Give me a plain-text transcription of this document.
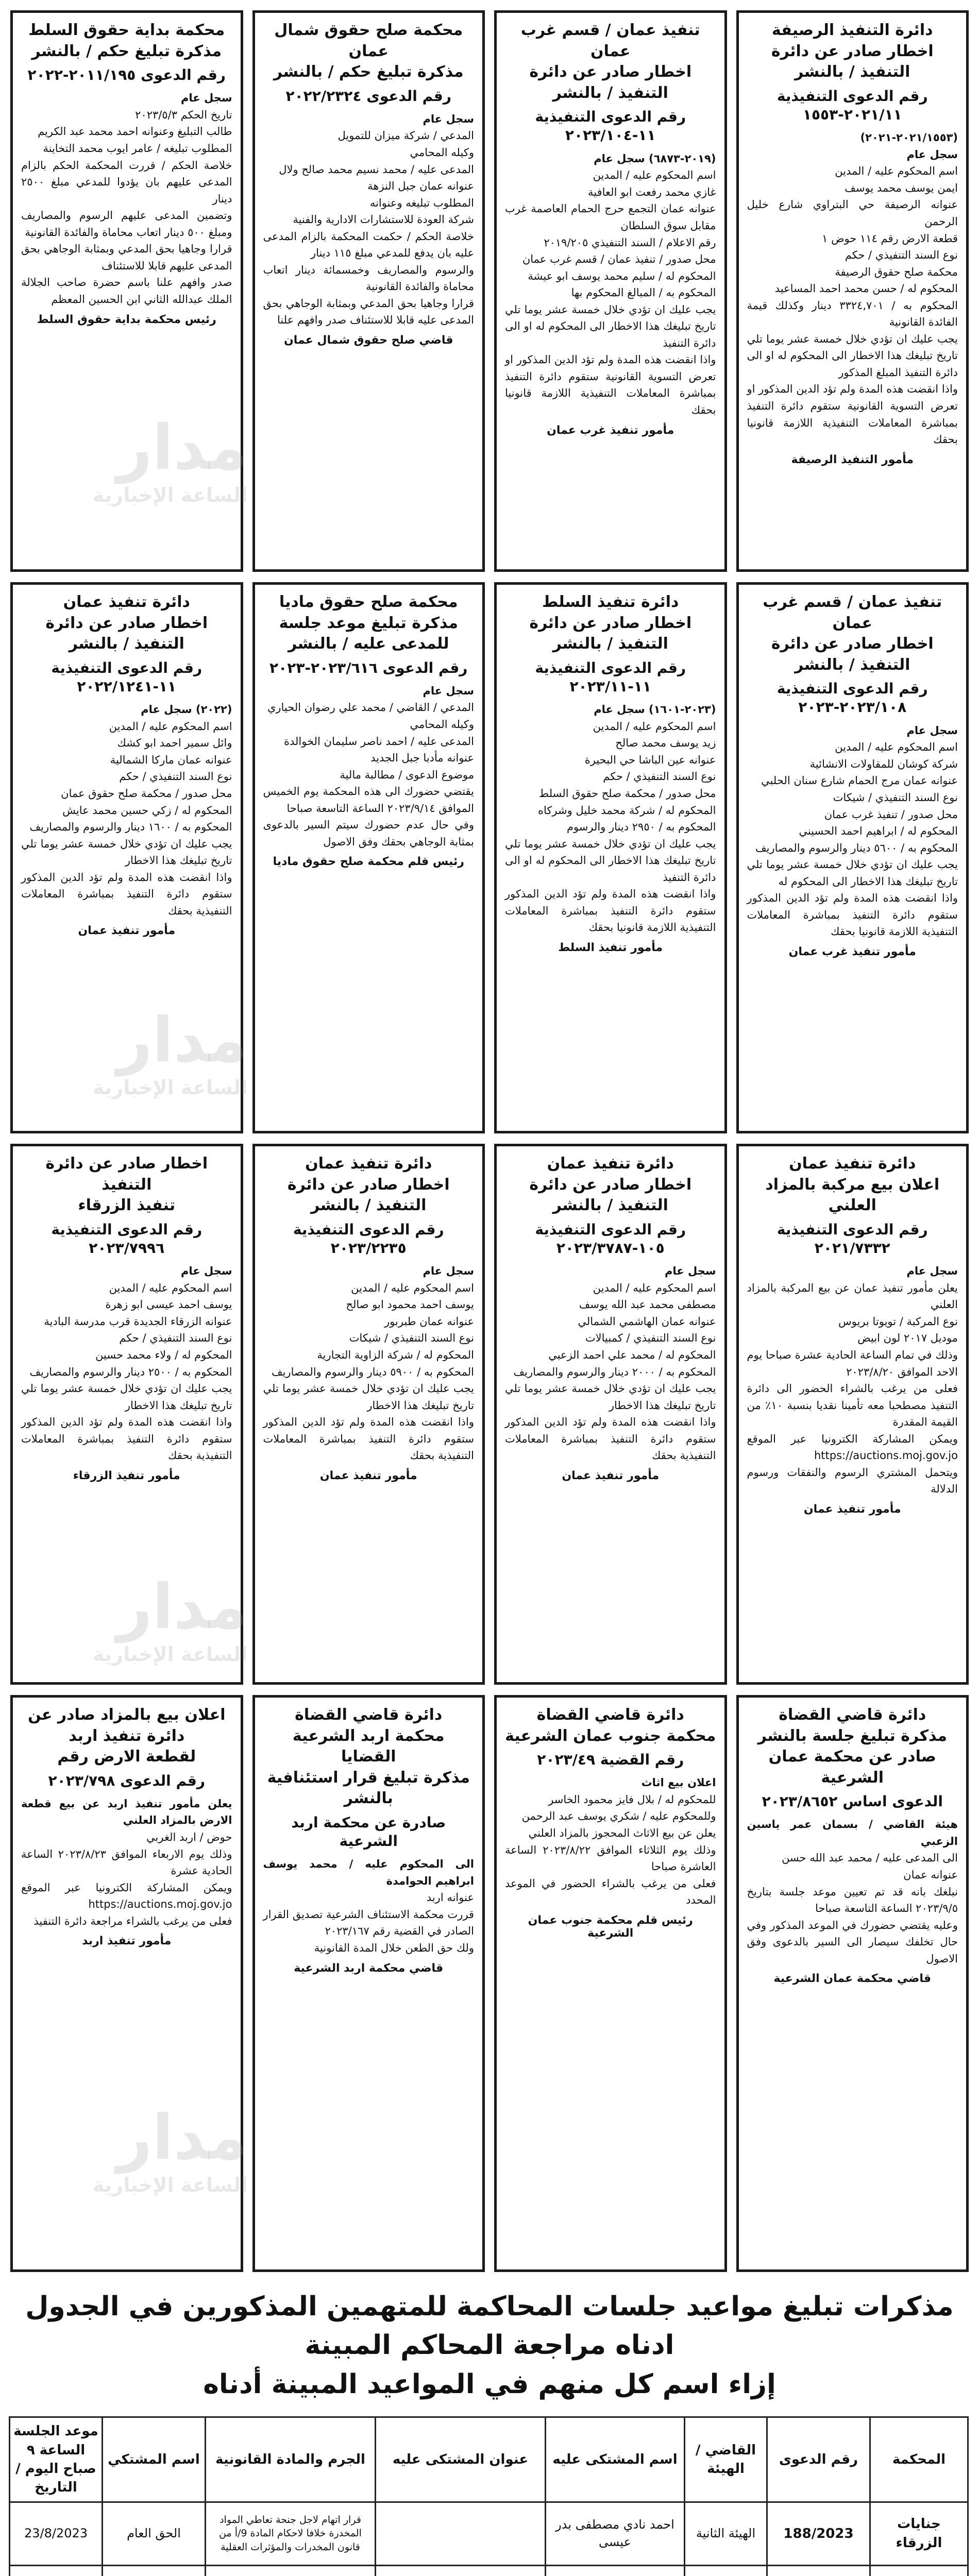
دائرة التنفيذ الرصيفة
اخطار صادر عن دائرة التنفيذ / بالنشر
رقم الدعوى التنفيذية ٢٠٢١/١١-١٥٥٣

(٢٠٢١/١٥٥٣-٢٠٢١)

سجل عام

اسم المحكوم عليه / المدين

ايمن يوسف محمد يوسف

عنوانه الرصيفة حي البتراوي شارع خليل الرحمن

قطعة الارض رقم ١١٤ حوض ١

نوع السند التنفيذي / حكم

محكمة صلح حقوق الرصيفة

المحكوم له / حسن محمد احمد المساعيد

المحكوم به / ٣٣٢٤,٧٠١ دينار وكذلك قيمة الفائدة القانونية

يجب عليك ان تؤدي خلال خمسة عشر يوما تلي تاريخ تبليغك هذا الاخطار الى المحكوم له او الى دائرة التنفيذ المبلغ المذكور

واذا انقضت هذه المدة ولم تؤد الدين المذكور او تعرض التسوية القانونية ستقوم دائرة التنفيذ بمباشرة المعاملات التنفيذية اللازمة قانونيا بحقك

مأمور التنفيذ الرصيفة
تنفيذ عمان / قسم غرب عمان
اخطار صادر عن دائرة التنفيذ / بالنشر
رقم الدعوى التنفيذية ١١-٢٠٢٣/١٠٤

(٢٠١٩-٦٨٧٣) سجل عام

اسم المحكوم عليه / المدين

غازي محمد رفعت ابو العافية

عنوانه عمان التجمع حرج الحمام العاصمة غرب مقابل سوق السلطان

رقم الاعلام / السند التنفيذي ٢٠١٩/٢٠٥

محل صدور / تنفيذ عمان / قسم غرب عمان

المحكوم له / سليم محمد يوسف ابو عيشة

المحكوم به / المبالغ المحكوم بها

يجب عليك ان تؤدي خلال خمسة عشر يوما تلي تاريخ تبليغك هذا الاخطار الى المحكوم له او الى دائرة التنفيذ

واذا انقضت هذه المدة ولم تؤد الدين المذكور او تعرض التسوية القانونية ستقوم دائرة التنفيذ بمباشرة المعاملات التنفيذية اللازمة قانونيا بحقك

مأمور تنفيذ غرب عمان
محكمة صلح حقوق شمال عمان
مذكرة تبليغ حكم / بالنشر
رقم الدعوى ٢٠٢٢/٢٣٢٤

سجل عام

المدعي / شركة ميزان للتمويل

وكيله المحامي

المدعى عليه / محمد نسيم محمد صالح ولال

عنوانه عمان جبل النزهة

المطلوب تبليغه وعنوانه

شركة العودة للاستشارات الادارية والفنية

خلاصة الحكم / حكمت المحكمة بالزام المدعى عليه بان يدفع للمدعي مبلغ ١١٥ دينار

والرسوم والمصاريف وخمسمائة دينار اتعاب محاماة والفائدة القانونية

قرارا وجاهيا بحق المدعي وبمثابة الوجاهي بحق المدعى عليه قابلا للاستئناف صدر وافهم علنا

قاضي صلح حقوق شمال عمان
محكمة بداية حقوق السلط
مذكرة تبليغ حكم / بالنشر
رقم الدعوى ٢٠١١/١٩٥-٢٠٢٢

سجل عام

تاريخ الحكم ٢٠٢٣/٥/٣

طالب التبليغ وعنوانه احمد محمد عبد الكريم

المطلوب تبليغه / عامر ايوب محمد التخاينة

خلاصة الحكم / قررت المحكمة الحكم بالزام المدعى عليهم بان يؤدوا للمدعي مبلغ ٢٥٠٠ دينار

وتضمين المدعى عليهم الرسوم والمصاريف ومبلغ ٥٠٠ دينار اتعاب محاماة والفائدة القانونية

قرارا وجاهيا بحق المدعي وبمثابة الوجاهي بحق المدعى عليهم قابلا للاستئناف

صدر وافهم علنا باسم حضرة صاحب الجلالة الملك عبدالله الثاني ابن الحسين المعظم

رئيس محكمة بداية حقوق السلط
تنفيذ عمان / قسم غرب عمان
اخطار صادر عن دائرة التنفيذ / بالنشر
رقم الدعوى التنفيذية ٢٠٢٣/١٠٨-٢٠٢٣

سجل عام

اسم المحكوم عليه / المدين

شركة كوشان للمقاولات الانشائية

عنوانه عمان مرج الحمام شارع سنان الحلبي

نوع السند التنفيذي / شيكات

محل صدور / تنفيذ غرب عمان

المحكوم له / ابراهيم احمد الحسيني

المحكوم به / ٥٦٠٠ دينار والرسوم والمصاريف

يجب عليك ان تؤدي خلال خمسة عشر يوما تلي تاريخ تبليغك هذا الاخطار الى المحكوم له

واذا انقضت هذه المدة ولم تؤد الدين المذكور ستقوم دائرة التنفيذ بمباشرة المعاملات التنفيذية اللازمة قانونيا بحقك

مأمور تنفيذ غرب عمان
دائرة تنفيذ السلط
اخطار صادر عن دائرة التنفيذ / بالنشر
رقم الدعوى التنفيذية ١١-٢٠٢٣/١١

(٢٠٢٣-١٦٠١) سجل عام

اسم المحكوم عليه / المدين

زيد يوسف محمد صالح

عنوانه عين الباشا حي البحيرة

نوع السند التنفيذي / حكم

محل صدور / محكمة صلح حقوق السلط

المحكوم له / شركة محمد خليل وشركاه

المحكوم به / ٢٩٥٠ دينار والرسوم

يجب عليك ان تؤدي خلال خمسة عشر يوما تلي تاريخ تبليغك هذا الاخطار الى المحكوم له او الى دائرة التنفيذ

واذا انقضت هذه المدة ولم تؤد الدين المذكور ستقوم دائرة التنفيذ بمباشرة المعاملات التنفيذية اللازمة قانونيا بحقك

مأمور تنفيذ السلط
محكمة صلح حقوق ماديا
مذكرة تبليغ موعد جلسة للمدعى عليه / بالنشر
رقم الدعوى ٢٠٢٣/٦١٦-٢٠٢٣

سجل عام

المدعي / القاضي / محمد علي رضوان الحياري

وكيله المحامي

المدعى عليه / احمد ناصر سليمان الخوالدة

عنوانه مأدبا جبل الجديد

موضوع الدعوى / مطالبة مالية

يقتضي حضورك الى هذه المحكمة يوم الخميس الموافق ٢٠٢٣/٩/١٤ الساعة التاسعة صباحا

وفي حال عدم حضورك سيتم السير بالدعوى بمثابة الوجاهي بحقك وفق الاصول

رئيس قلم محكمة صلح حقوق ماديا
دائرة تنفيذ عمان
اخطار صادر عن دائرة التنفيذ / بالنشر
رقم الدعوى التنفيذية ١١-٢٠٢٢/١٢٤١

(٢٠٢٢) سجل عام

اسم المحكوم عليه / المدين

وائل سمير احمد ابو كشك

عنوانه عمان ماركا الشمالية

نوع السند التنفيذي / حكم

محل صدور / محكمة صلح حقوق عمان

المحكوم له / زكي حسين محمد عايش

المحكوم به / ١٦٠٠ دينار والرسوم والمصاريف

يجب عليك ان تؤدي خلال خمسة عشر يوما تلي تاريخ تبليغك هذا الاخطار

واذا انقضت هذه المدة ولم تؤد الدين المذكور ستقوم دائرة التنفيذ بمباشرة المعاملات التنفيذية بحقك

مأمور تنفيذ عمان
دائرة تنفيذ عمان
اعلان بيع مركبة بالمزاد العلني
رقم الدعوى التنفيذية ٢٠٢١/٧٣٣٢

سجل عام

يعلن مأمور تنفيذ عمان عن بيع المركبة بالمزاد العلني

نوع المركبة / تويوتا بريوس

موديل ٢٠١٧ لون ابيض

وذلك في تمام الساعة الحادية عشرة صباحا يوم الاحد الموافق ٢٠٢٣/٨/٢٠

فعلى من يرغب بالشراء الحضور الى دائرة التنفيذ مصطحبا معه تأمينا نقديا بنسبة ١٠٪ من القيمة المقدرة

ويمكن المشاركة الكترونيا عبر الموقع https://auctions.moj.gov.jo

ويتحمل المشتري الرسوم والنفقات ورسوم الدلالة

مأمور تنفيذ عمان
دائرة تنفيذ عمان
اخطار صادر عن دائرة التنفيذ / بالنشر
رقم الدعوى التنفيذية ١٠٥-٢٠٢٣/٣٧٨٧

سجل عام

اسم المحكوم عليه / المدين

مصطفى محمد عبد الله يوسف

عنوانه عمان الهاشمي الشمالي

نوع السند التنفيذي / كمبيالات

المحكوم له / محمد علي احمد الزعبي

المحكوم به / ٢٠٠٠ دينار والرسوم والمصاريف

يجب عليك ان تؤدي خلال خمسة عشر يوما تلي تاريخ تبليغك هذا الاخطار

واذا انقضت هذه المدة ولم تؤد الدين المذكور ستقوم دائرة التنفيذ بمباشرة المعاملات التنفيذية بحقك

مأمور تنفيذ عمان
دائرة تنفيذ عمان
اخطار صادر عن دائرة التنفيذ / بالنشر
رقم الدعوى التنفيذية ٢٠٢٣/٢٢٣٥

سجل عام

اسم المحكوم عليه / المدين

يوسف احمد محمود ابو صالح

عنوانه عمان طبربور

نوع السند التنفيذي / شيكات

المحكوم له / شركة الزاوية التجارية

المحكوم به / ٥٩٠٠ دينار والرسوم والمصاريف

يجب عليك ان تؤدي خلال خمسة عشر يوما تلي تاريخ تبليغك هذا الاخطار

واذا انقضت هذه المدة ولم تؤد الدين المذكور ستقوم دائرة التنفيذ بمباشرة المعاملات التنفيذية بحقك

مأمور تنفيذ عمان
اخطار صادر عن دائرة التنفيذ
تنفيذ الزرقاء
رقم الدعوى التنفيذية ٢٠٢٣/٧٩٩٦

سجل عام

اسم المحكوم عليه / المدين

يوسف احمد عيسى ابو زهرة

عنوانه الزرقاء الجديدة قرب مدرسة البادية

نوع السند التنفيذي / حكم

المحكوم له / ولاء محمد حسين

المحكوم به / ٢٥٠٠ دينار والرسوم والمصاريف

يجب عليك ان تؤدي خلال خمسة عشر يوما تلي تاريخ تبليغك هذا الاخطار

واذا انقضت هذه المدة ولم تؤد الدين المذكور ستقوم دائرة التنفيذ بمباشرة المعاملات التنفيذية بحقك

مأمور تنفيذ الزرقاء
دائرة قاضي القضاة
مذكرة تبليغ جلسة بالنشر
صادر عن محكمة عمان الشرعية
الدعوى اساس ٢٠٢٣/٨٦٥٢

هيئة القاضي / بسمان عمر ياسين الزعبي

الى المدعى عليه / محمد عبد الله حسن

عنوانه عمان

نبلغك بانه قد تم تعيين موعد جلسة بتاريخ ٢٠٢٣/٩/٥ الساعة التاسعة صباحا

وعليه يقتضي حضورك في الموعد المذكور وفي حال تخلفك سيصار الى السير بالدعوى وفق الاصول

قاضي محكمة عمان الشرعية
دائرة قاضي القضاة
محكمة جنوب عمان الشرعية
رقم القضية ٢٠٢٣/٤٩

اعلان بيع اثاث

للمحكوم له / بلال فايز محمود الخاسر

وللمحكوم عليه / شكري يوسف عبد الرحمن

يعلن عن بيع الاثاث المحجوز بالمزاد العلني

وذلك يوم الثلاثاء الموافق ٢٠٢٣/٨/٢٢ الساعة العاشرة صباحا

فعلى من يرغب بالشراء الحضور في الموعد المحدد

رئيس قلم محكمة جنوب عمان الشرعية
دائرة قاضي القضاة
محكمة اربد الشرعية القضايا
مذكرة تبليغ قرار استئنافية بالنشر
صادرة عن محكمة اربد الشرعية

الى المحكوم عليه / محمد يوسف ابراهيم الحوامدة

عنوانه اربد

قررت محكمة الاستئناف الشرعية تصديق القرار الصادر في القضية رقم ٢٠٢٣/١٦٧

ولك حق الطعن خلال المدة القانونية

قاضي محكمة اربد الشرعية
اعلان بيع بالمزاد صادر عن دائرة تنفيذ اربد
لقطعة الارض رقم
رقم الدعوى ٢٠٢٣/٧٩٨

يعلن مأمور تنفيذ اربد عن بيع قطعة الارض بالمزاد العلني

حوض / اربد الغربي

وذلك يوم الاربعاء الموافق ٢٠٢٣/٨/٢٣ الساعة الحادية عشرة

ويمكن المشاركة الكترونيا عبر الموقع https://auctions.moj.gov.jo

فعلى من يرغب بالشراء مراجعة دائرة التنفيذ

مأمور تنفيذ اربد
مدار
الساعة الإخبارية
مدار
الساعة الإخبارية
مدار
الساعة الإخبارية
مدار
الساعة الإخبارية
مذكرات تبليغ مواعيد جلسات المحاكمة للمتهمين المذكورين في الجدول ادناه مراجعة المحاكم المبينة
إزاء اسم كل منهم في المواعيد المبينة أدناه
المحكمة	رقم الدعوى	القاضي / الهيئة	اسم المشتكى عليه	عنوان المشتكى عليه	الجرم والمادة القانونية	اسم المشتكي	موعد الجلسة الساعة ٩ صباح اليوم / التاريخ
جنايات الزرقاء	188/2023	الهيئة الثانية	احمد نادي مصطفى بدر عيسى		قرار اتهام لاجل جنحة تعاطي المواد المخدرة خلافا لاحكام المادة 9/أ من قانون المخدرات والمؤثرات العقلية	الحق العام	23/8/2023
